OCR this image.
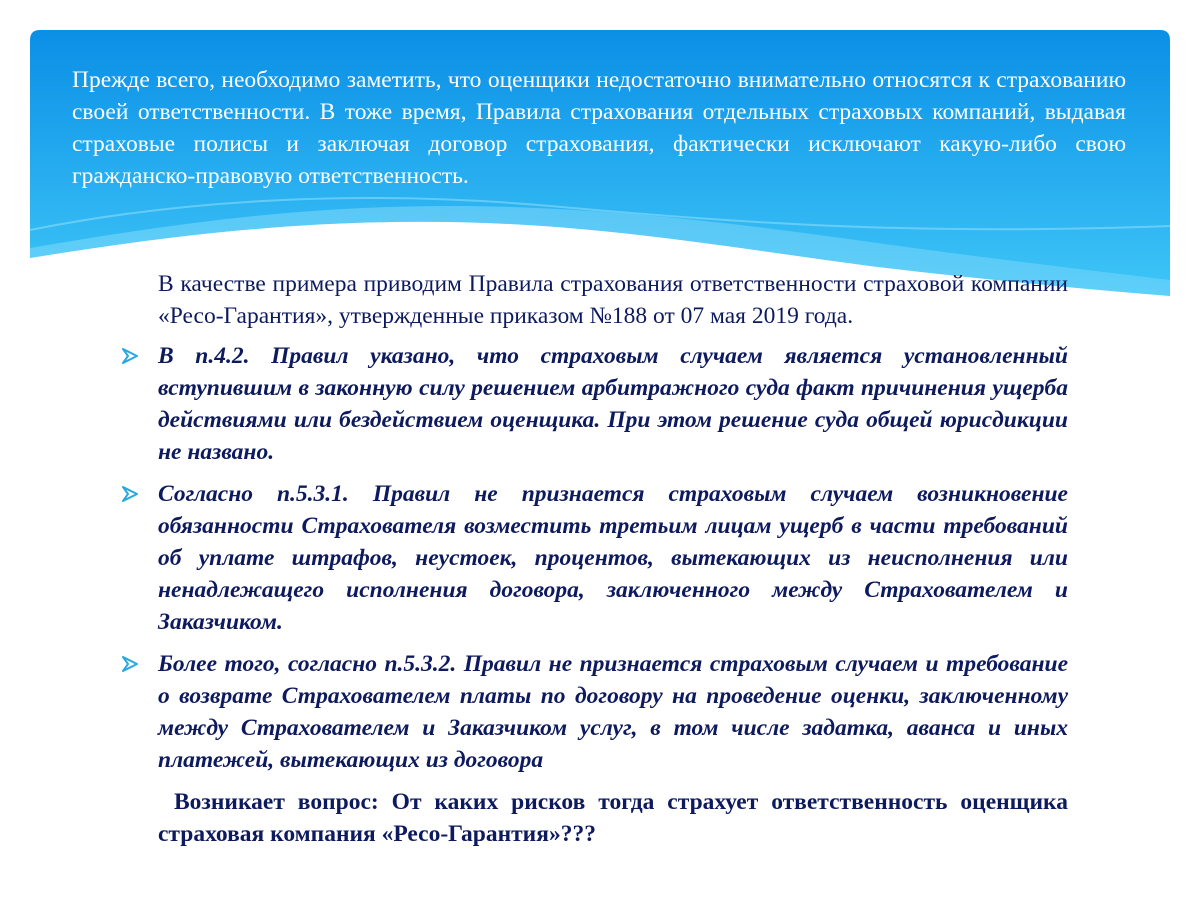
Прежде всего, необходимо заметить, что оценщики недостаточно внимательно относятся к страхованию своей ответственности. В тоже время, Правила страхования отдельных страховых компаний, выдавая страховые полисы и заключая договор страхования, фактически исключают какую-либо свою гражданско-правовую ответственность.

В качестве примера приводим Правила страхования ответственности страховой компании «Ресо-Гарантия», утвержденные приказом №188 от 07 мая 2019 года.

В п.4.2. Правил указано, что страховым случаем является установленный вступившим в законную силу решением арбитражного суда факт причинения ущерба действиями или бездействием оценщика. При этом решение суда общей юрисдикции не названо.
Согласно п.5.3.1. Правил не признается страховым случаем возникновение обязанности Страхователя возместить третьим лицам ущерб в части требований об уплате штрафов, неустоек, процентов, вытекающих из неисполнения или ненадлежащего исполнения договора, заключенного между Страхователем и Заказчиком.
Более того, согласно п.5.3.2. Правил не признается страховым случаем и требование о возврате Страхователем платы по договору на проведение оценки, заключенному между Страхователем и Заказчиком услуг, в том числе задатка, аванса и иных платежей, вытекающих из договора

Возникает вопрос: От каких рисков тогда страхует ответственность оценщика страховая компания «Ресо-Гарантия»???
